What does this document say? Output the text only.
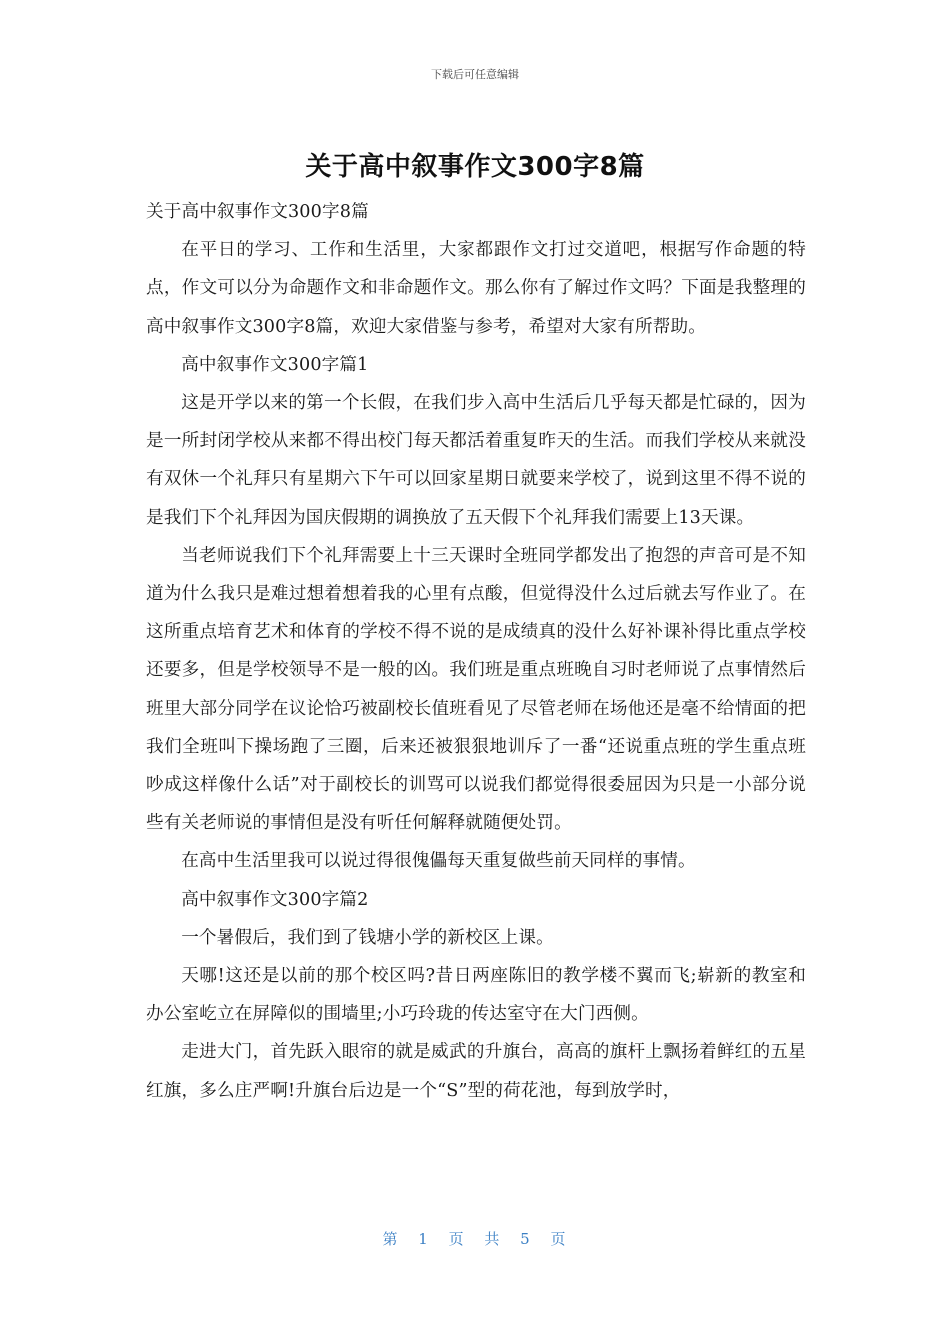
下载后可任意编辑
关于高中叙事作文300字8篇

关于高中叙事作文300字8篇

在平日的学习、工作和生活里，大家都跟作文打过交道吧，根据写作命题的特点，作文可以分为命题作文和非命题作文。那么你有了解过作文吗？下面是我整理的高中叙事作文300字8篇，欢迎大家借鉴与参考，希望对大家有所帮助。

高中叙事作文300字篇1

这是开学以来的第一个长假，在我们步入高中生活后几乎每天都是忙碌的，因为是一所封闭学校从来都不得出校门每天都活着重复昨天的生活。而我们学校从来就没有双休一个礼拜只有星期六下午可以回家星期日就要来学校了，说到这里不得不说的是我们下个礼拜因为国庆假期的调换放了五天假下个礼拜我们需要上13天课。

当老师说我们下个礼拜需要上十三天课时全班同学都发出了抱怨的声音可是不知道为什么我只是难过想着想着我的心里有点酸，但觉得没什么过后就去写作业了。在这所重点培育艺术和体育的学校不得不说的是成绩真的没什么好补课补得比重点学校还要多，但是学校领导不是一般的凶。我们班是重点班晚自习时老师说了点事情然后班里大部分同学在议论恰巧被副校长值班看见了尽管老师在场他还是毫不给情面的把我们全班叫下操场跑了三圈，后来还被狠狠地训斥了一番“还说重点班的学生重点班吵成这样像什么话”对于副校长的训骂可以说我们都觉得很委屈因为只是一小部分说些有关老师说的事情但是没有听任何解释就随便处罚。

在高中生活里我可以说过得很傀儡每天重复做些前天同样的事情。

高中叙事作文300字篇2

一个暑假后，我们到了钱塘小学的新校区上课。

天哪!这还是以前的那个校区吗?昔日两座陈旧的教学楼不翼而飞;崭新的教室和办公室屹立在屏障似的围墙里;小巧玲珑的传达室守在大门西侧。

走进大门，首先跃入眼帘的就是威武的升旗台，高高的旗杆上飘扬着鲜红的五星红旗，多么庄严啊!升旗台后边是一个“S”型的荷花池，每到放学时，

第 1 页 共 5 页
